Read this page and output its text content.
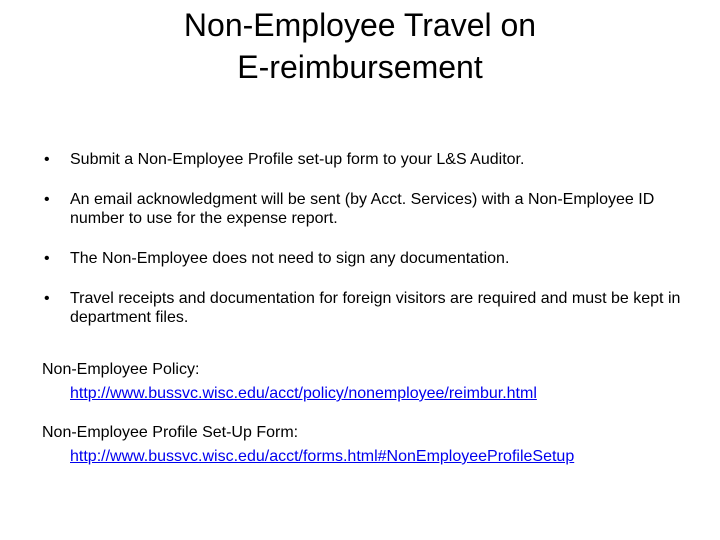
Non-Employee Travel on
E-reimbursement
• Submit a Non-Employee Profile set-up form to your L&S Auditor.
• An email acknowledgment will be sent (by Acct. Services) with a Non-Employee ID number to use for the expense report.
• The Non-Employee does not need to sign any documentation.
• Travel receipts and documentation for foreign visitors are required and must be kept in department files.
Non-Employee Policy:
http://www.bussvc.wisc.edu/acct/policy/nonemployee/reimbur.html
Non-Employee Profile Set-Up Form:
http://www.bussvc.wisc.edu/acct/forms.html#NonEmployeeProfileSetup
